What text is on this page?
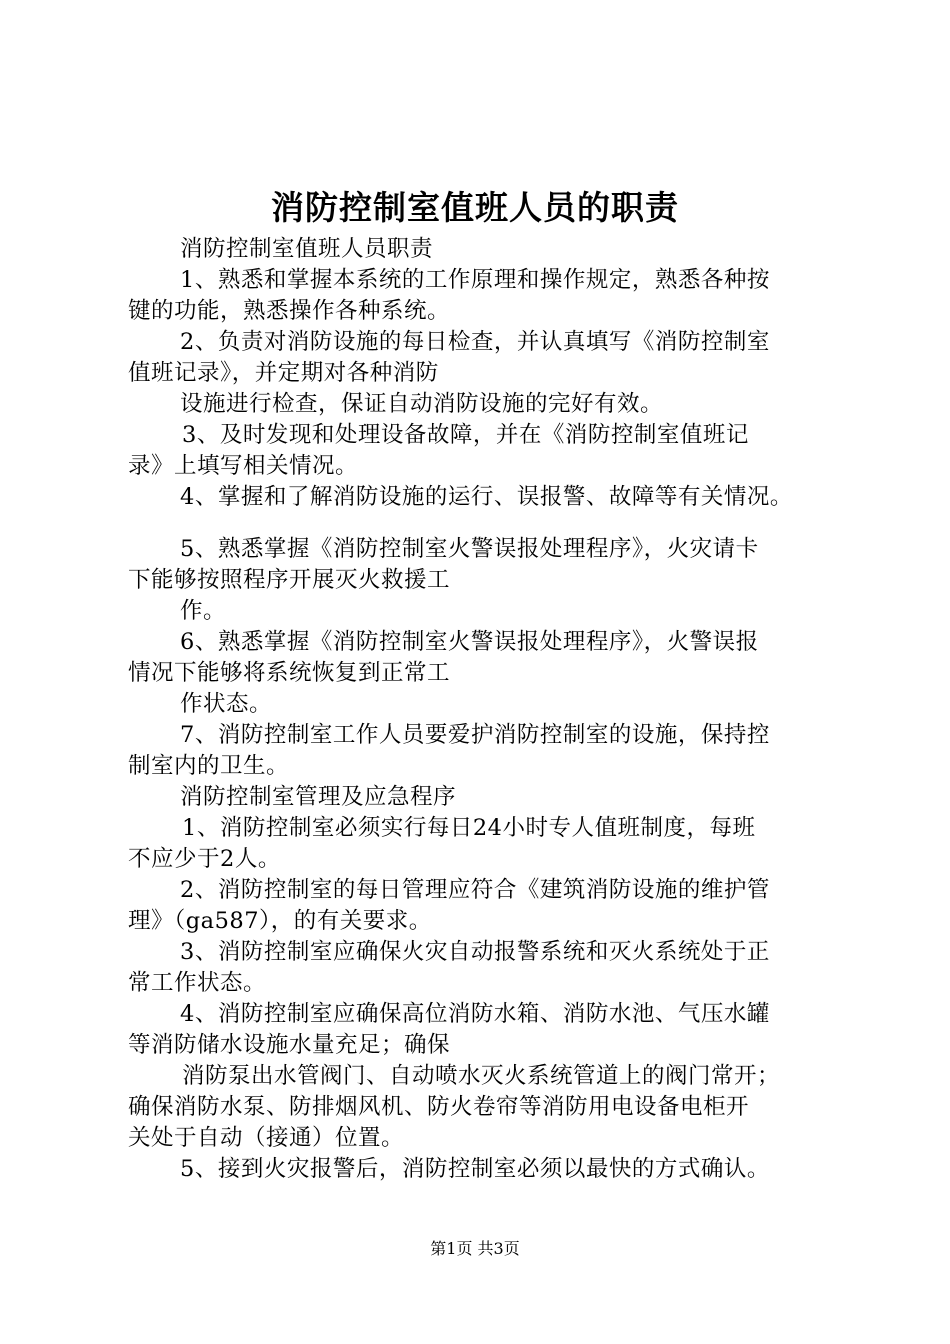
消防控制室值班人员的职责
消防控制室值班人员职责
1、熟悉和掌握本系统的工作原理和操作规定，熟悉各种按
键的功能，熟悉操作各种系统。
2、负责对消防设施的每日检查，并认真填写《消防控制室
值班记录》，并定期对各种消防
设施进行检查，保证自动消防设施的完好有效。
3、及时发现和处理设备故障，并在《消防控制室值班记
录》上填写相关情况。
4、掌握和了解消防设施的运行、误报警、故障等有关情况。
5、熟悉掌握《消防控制室火警误报处理程序》，火灾请卡
下能够按照程序开展灭火救援工
作。
6、熟悉掌握《消防控制室火警误报处理程序》，火警误报
情况下能够将系统恢复到正常工
作状态。
7、消防控制室工作人员要爱护消防控制室的设施，保持控
制室内的卫生。
消防控制室管理及应急程序
1、消防控制室必须实行每日24小时专人值班制度，每班
不应少于2人。
2、消防控制室的每日管理应符合《建筑消防设施的维护管
理》（ga587），的有关要求。
3、消防控制室应确保火灾自动报警系统和灭火系统处于正
常工作状态。
4、消防控制室应确保高位消防水箱、消防水池、气压水罐
等消防储水设施水量充足；确保
消防泵出水管阀门、自动喷水灭火系统管道上的阀门常开；
确保消防水泵、防排烟风机、防火卷帘等消防用电设备电柜开
关处于自动（接通）位置。
5、接到火灾报警后，消防控制室必须以最快的方式确认。
第1页 共3页
